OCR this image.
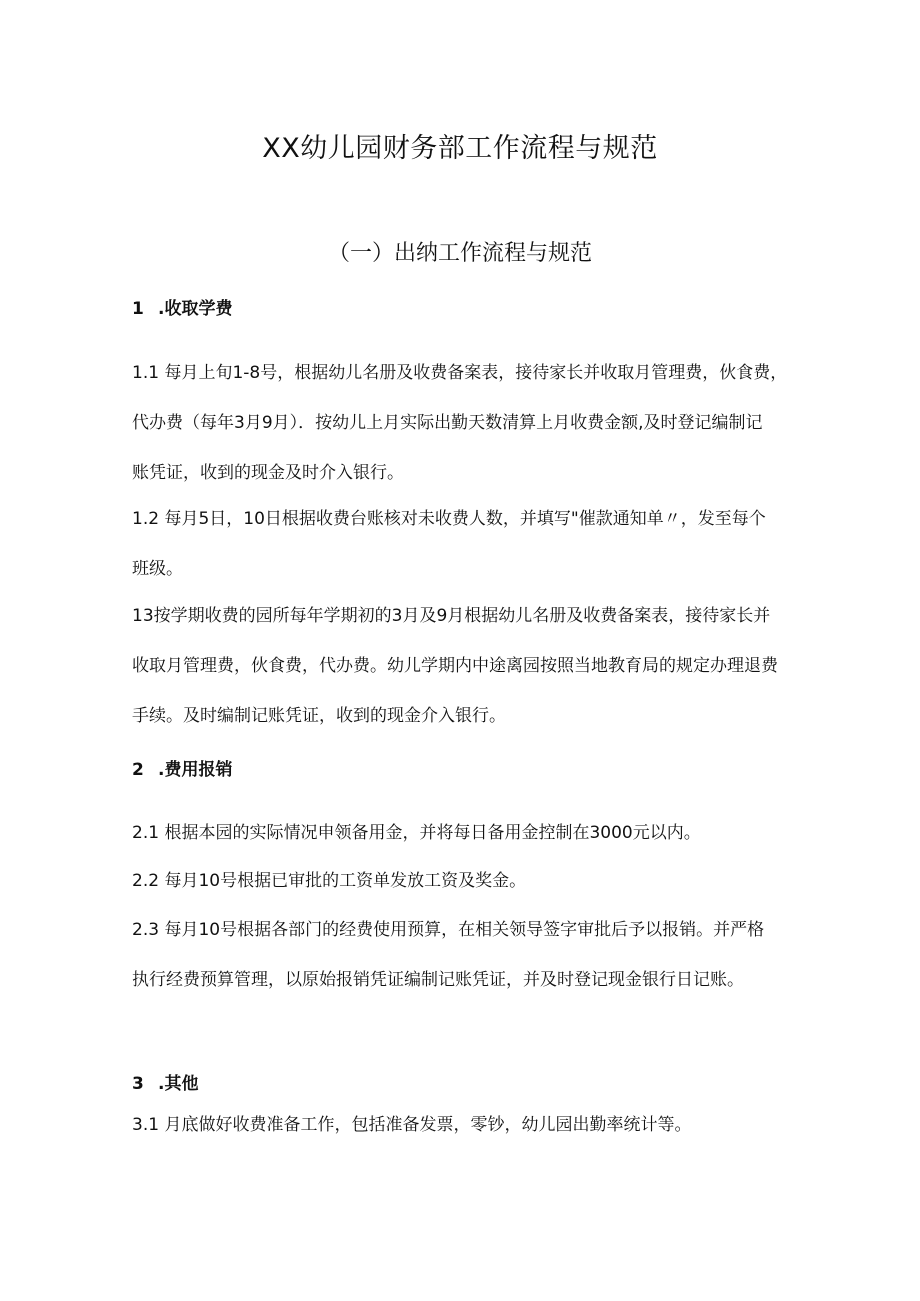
XX幼儿园财务部工作流程与规范
（一）出纳工作流程与规范
1 .收取学费
1.1 每月上旬1-8号，根据幼儿名册及收费备案表，接待家长并收取月管理费，伙食费，
代办费（每年3月9月）．按幼儿上月实际出勤天数清算上月收费金额,及时登记编制记
账凭证，收到的现金及时介入银行。
1.2 每月5日，10日根据收费台账核对未收费人数，并填写"催款通知单〃，发至每个
班级。
13按学期收费的园所每年学期初的3月及9月根据幼儿名册及收费备案表，接待家长并
收取月管理费，伙食费，代办费。幼儿学期内中途离园按照当地教育局的规定办理退费
手续。及时编制记账凭证，收到的现金介入银行。
2 .费用报销
2.1 根据本园的实际情况申领备用金，并将每日备用金控制在3000元以内。
2.2 每月10号根据已审批的工资单发放工资及奖金。
2.3 每月10号根据各部门的经费使用预算，在相关领导签字审批后予以报销。并严格
执行经费预算管理，以原始报销凭证编制记账凭证，并及时登记现金银行日记账。
3 .其他
3.1 月底做好收费准备工作，包括准备发票，零钞，幼儿园出勤率统计等。
